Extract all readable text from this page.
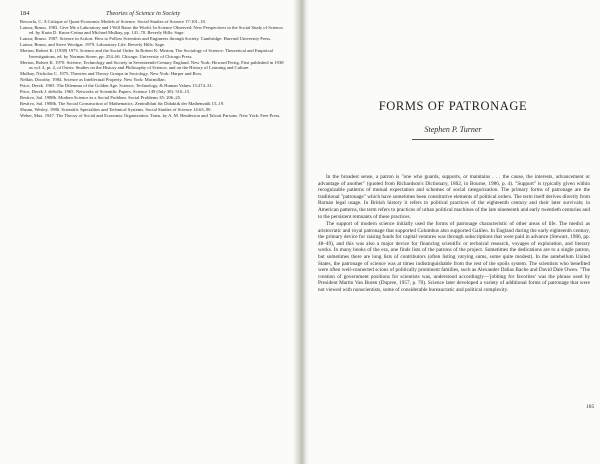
184	Theories of Science in Society

Rescorla, C. A Critique of Quasi-Economic Models of Science. Social Studies of Science 17:101–18.

Latour, Bruno. 1983. Give Me a Laboratory and I Will Raise the World. In Science Observed: New Perspectives in the Social Study of Science, ed. by Karin D. Knorr-Cetina and Michael Mulkay, pp. 141–70. Beverly Hills: Sage.

Latour, Bruno. 1987. Science in Action: How to Follow Scientists and Engineers through Society. Cambridge: Harvard University Press.

Latour, Bruno, and Steve Woolgar. 1979. Laboratory Life. Beverly Hills: Sage.

Merton, Robert K. [1938] 1973. Science and the Social Order. In Robert K. Merton, The Sociology of Science: Theoretical and Empirical Investigations, ed. by Norman Storer, pp. 254–66. Chicago: University of Chicago Press.

Merton, Robert K. 1970. Science, Technology and Society in Seventeenth-Century England. New York: Howard Fertig. First published in 1938 as vol. 4, pt. 2, of Osiris: Studies on the History and Philosophy of Science, and on the History of Learning and Culture.

Mulkay, Nicholas C. 1975. Theories and Theory Groups in Sociology. New York: Harper and Row.

Nelkin, Dorothy. 1984. Science as Intellectual Property. New York: Macmillan.

Price, Derek. 1965. The Dilemma of the Golden Age. Science, Technology, & Human Values 13:274–31.

Price, Derek J. deSolla. 1965. Networks of Scientific Papers. Science 149 (July 30): 510–15.

Restivo, Sal. 1988b. Modern Science as a Social Problem. Social Problems 35: 206–25.

Restivo, Sal. 1988b. The Social Construction of Mathematics. Zentralblatt für Didaktik der Mathematik 15–19.

Shrum, Wesley. 1986. Scientific Specialties and Technical Systems. Social Studies of Science 14:63–90.

Weber, Max. 1947. The Theory of Social and Economic Organization. Trans. by A. M. Henderson and Talcott Parsons. New York: Free Press.

FORMS OF PATRONAGE
Stephen P. Turner

In the broadest sense, a patron is "one who guards, supports, or maintains . . . the cause, the interests, advancement or advantage of another" (quoted from Richardson's Dictionary, 1862, in Bourne, 1986, p. 4). "Support" is typically given within recognizable patterns of mutual expectation and schemes of social categorization. The primary forms of patronage are the traditional "patronage" which have sometimes been constitutive elements of political orders. The term itself derives directly from Roman legal usage. In British history it refers to political practices of the eighteenth century and their later survivals; in American patterns, the term refers to practices of urban political machines of the late nineteenth and early twentieth centuries and to the persistent remnants of these practices.

The support of modern science initially used the forms of patronage characteristic of other areas of life. The medici as aristocratic and royal patronage that supported Columbus also supported Galileo. In England during the early eighteenth century, the primary device for raising funds for capital ventures was through subscriptions that were paid in advance (Stewart, 1986, pp. 48–49), and this was also a major device for financing scientific or technical research, voyages of exploration, and literary works. In many books of the era, one finds lists of the patrons of the project. Sometimes the dedications are to a single patron, but sometimes there are long lists of contributors (often listing varying sums, some quite modest). In the antebellum United States, the patronage of science was at times indistinguishable from the rest of the spoils system. The scientists who benefited were often well-connected scions of politically prominent families, such as Alexander Dallas Bache and David Dale Owen. "The creation of government positions for scientists was, understood accordingly—'jobbing for favorites' was the phrase used by President Martin Van Buren (Dupree, 1957, p. 70). Science later developed a variety of additional forms of patronage that were not viewed with nonscientists, some of considerable bureaucratic and political complexity.

185
